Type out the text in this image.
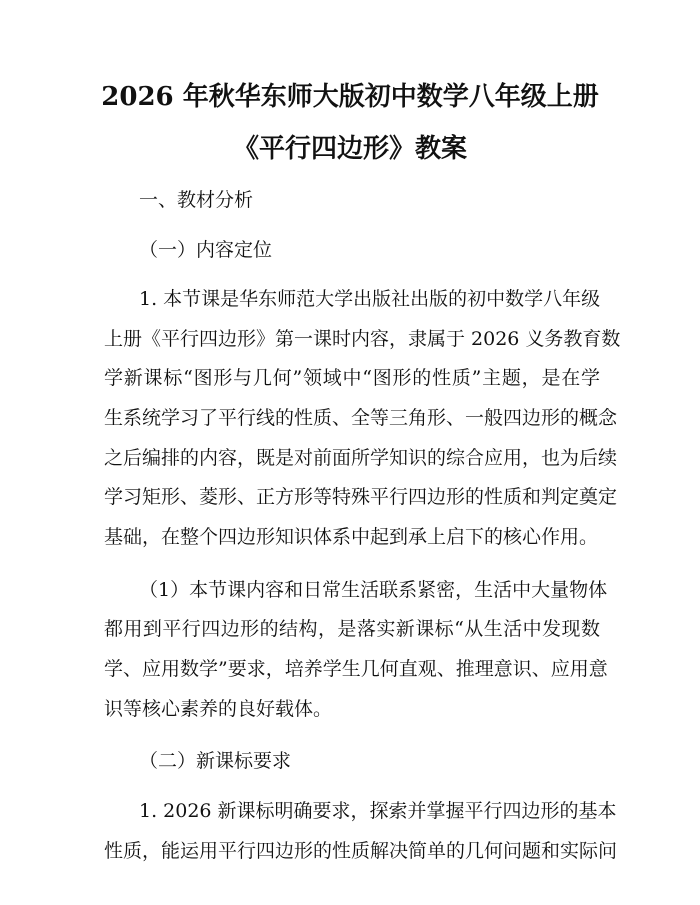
2026 年秋华东师大版初中数学八年级上册
《平行四边形》教案
一、教材分析
（一）内容定位
1. 本节课是华东师范大学出版社出版的初中数学八年级
上册《平行四边形》第一课时内容，隶属于 2026 义务教育数
学新课标“图形与几何”领域中“图形的性质”主题，是在学
生系统学习了平行线的性质、全等三角形、一般四边形的概念
之后编排的内容，既是对前面所学知识的综合应用，也为后续
学习矩形、菱形、正方形等特殊平行四边形的性质和判定奠定
基础，在整个四边形知识体系中起到承上启下的核心作用。
（1）本节课内容和日常生活联系紧密，生活中大量物体
都用到平行四边形的结构，是落实新课标“从生活中发现数
学、应用数学”要求，培养学生几何直观、推理意识、应用意
识等核心素养的良好载体。
（二）新课标要求
1. 2026 新课标明确要求，探索并掌握平行四边形的基本
性质，能运用平行四边形的性质解决简单的几何问题和实际问
